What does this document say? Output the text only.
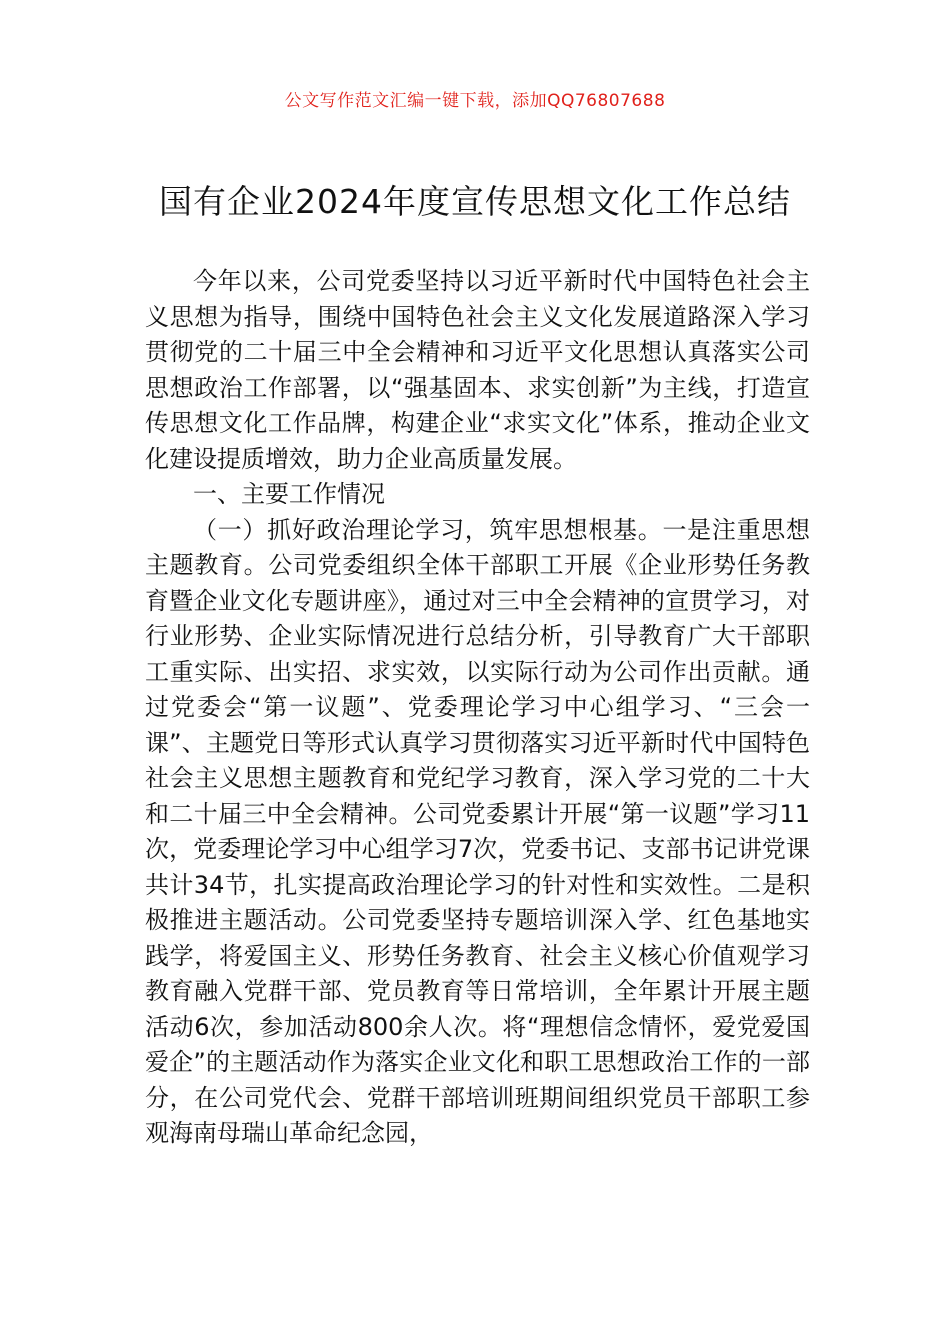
公文写作范文汇编一键下载，添加QQ76807688
国有企业2024年度宣传思想文化工作总结

今年以来，公司党委坚持以习近平新时代中国特色社会主义思想为指导，围绕中国特色社会主义文化发展道路深入学习贯彻党的二十届三中全会精神和习近平文化思想认真落实公司思想政治工作部署，以“强基固本、求实创新”为主线，打造宣传思想文化工作品牌，构建企业“求实文化”体系，推动企业文化建设提质增效，助力企业高质量发展。

一、主要工作情况

（一）抓好政治理论学习，筑牢思想根基。一是注重思想主题教育。公司党委组织全体干部职工开展《企业形势任务教育暨企业文化专题讲座》，通过对三中全会精神的宣贯学习，对行业形势、企业实际情况进行总结分析，引导教育广大干部职工重实际、出实招、求实效，以实际行动为公司作出贡献。通过党委会“第一议题”、党委理论学习中心组学习、“三会一课”、主题党日等形式认真学习贯彻落实习近平新时代中国特色社会主义思想主题教育和党纪学习教育，深入学习党的二十大和二十届三中全会精神。公司党委累计开展“第一议题”学习11次，党委理论学习中心组学习7次，党委书记、支部书记讲党课共计34节，扎实提高政治理论学习的针对性和实效性。二是积极推进主题活动。公司党委坚持专题培训深入学、红色基地实践学，将爱国主义、形势任务教育、社会主义核心价值观学习教育融入党群干部、党员教育等日常培训，全年累计开展主题活动6次，参加活动800余人次。将“理想信念情怀，爱党爱国爱企”的主题活动作为落实企业文化和职工思想政治工作的一部分，在公司党代会、党群干部培训班期间组织党员干部职工参观海南母瑞山革命纪念园，
